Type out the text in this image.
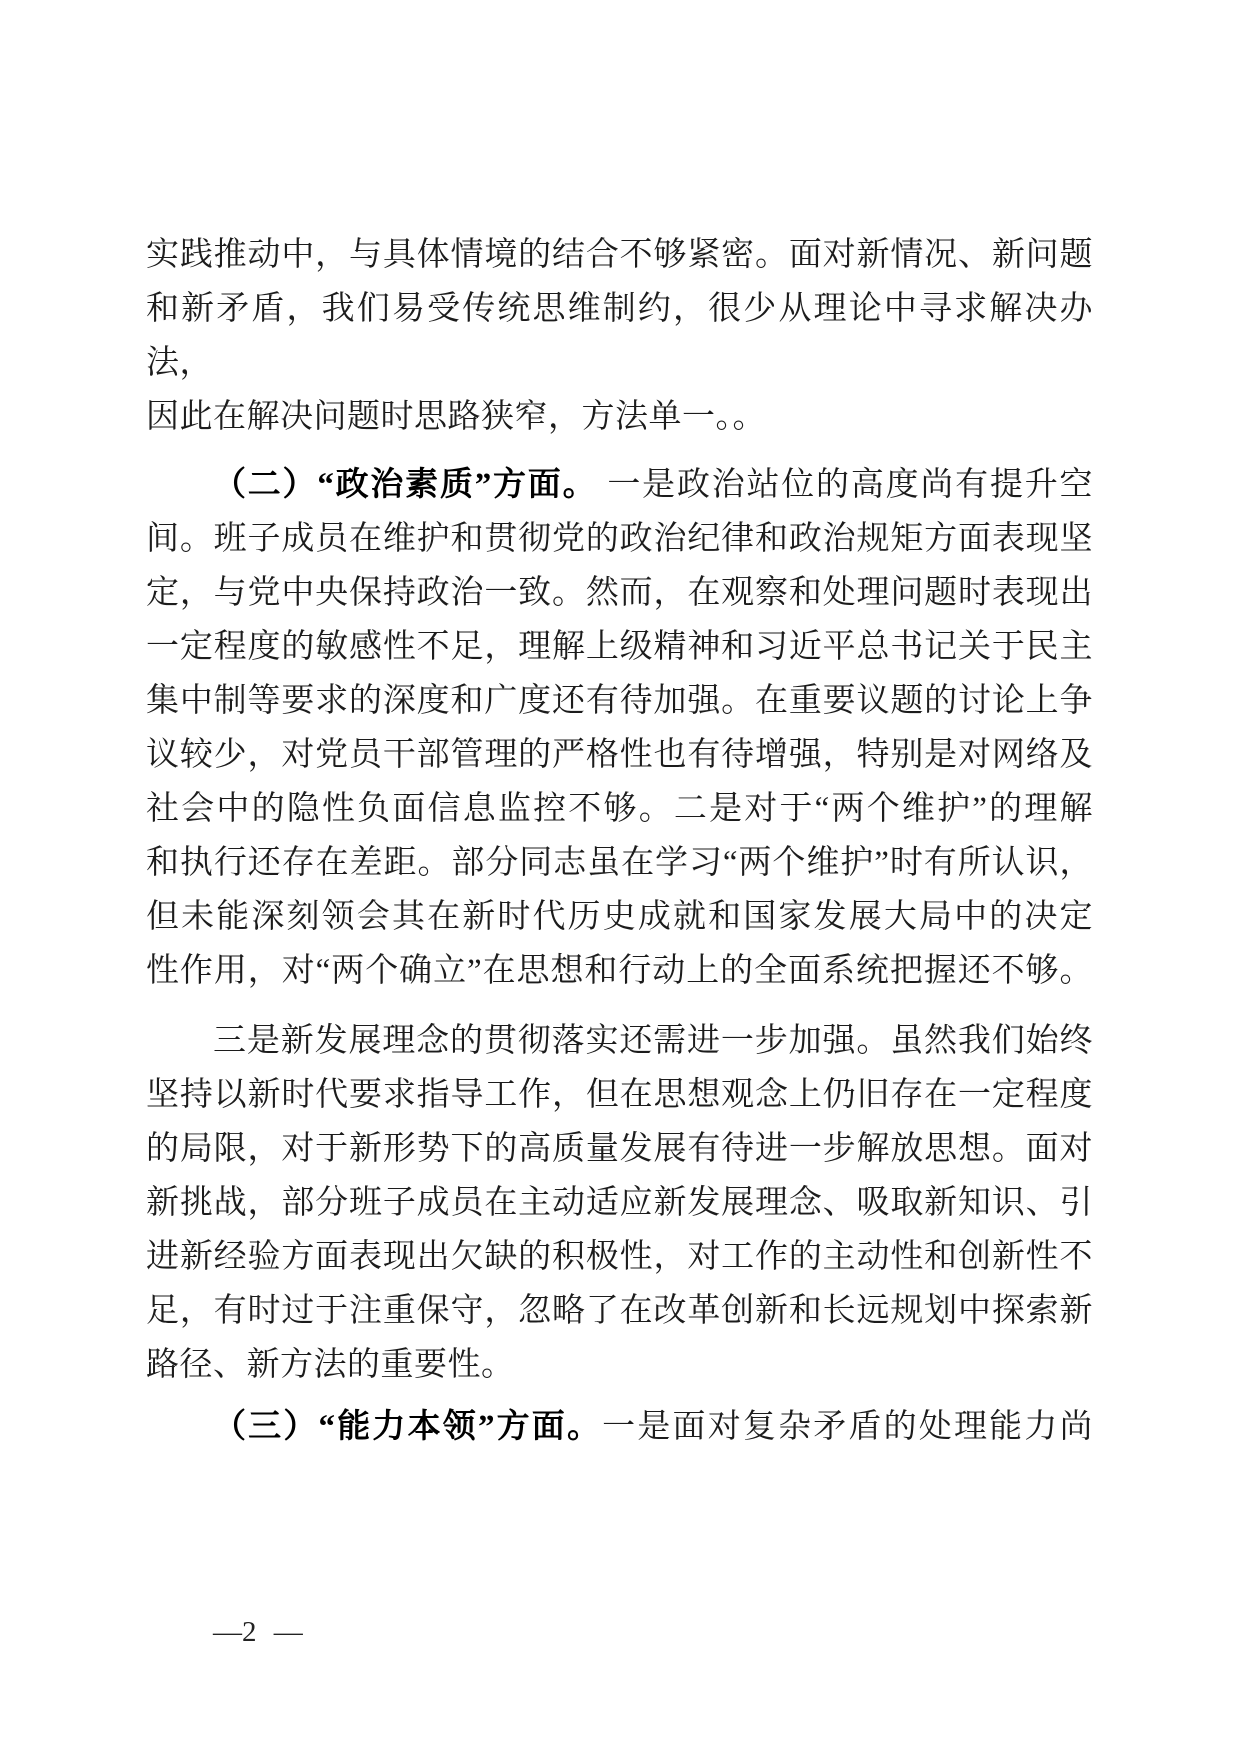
实践推动中，与具体情境的结合不够紧密。面对新情况、新问题
和新矛盾，我们易受传统思维制约，很少从理论中寻求解决办
法，
因此在解决问题时思路狭窄，方法单一。。
（二）“政治素质”方面。 一是政治站位的高度尚有提升空
间。班子成员在维护和贯彻党的政治纪律和政治规矩方面表现坚
定，与党中央保持政治一致。然而，在观察和处理问题时表现出
一定程度的敏感性不足，理解上级精神和习近平总书记关于民主
集中制等要求的深度和广度还有待加强。在重要议题的讨论上争
议较少，对党员干部管理的严格性也有待增强，特别是对网络及
社会中的隐性负面信息监控不够。二是对于“两个维护”的理解
和执行还存在差距。部分同志虽在学习“两个维护”时有所认识，
但未能深刻领会其在新时代历史成就和国家发展大局中的决定
性作用，对“两个确立”在思想和行动上的全面系统把握还不够。
三是新发展理念的贯彻落实还需进一步加强。虽然我们始终
坚持以新时代要求指导工作，但在思想观念上仍旧存在一定程度
的局限，对于新形势下的高质量发展有待进一步解放思想。面对
新挑战，部分班子成员在主动适应新发展理念、吸取新知识、引
进新经验方面表现出欠缺的积极性，对工作的主动性和创新性不
足，有时过于注重保守，忽略了在改革创新和长远规划中探索新
路径、新方法的重要性。
（三）“能力本领”方面。一是面对复杂矛盾的处理能力尚
—2 —
